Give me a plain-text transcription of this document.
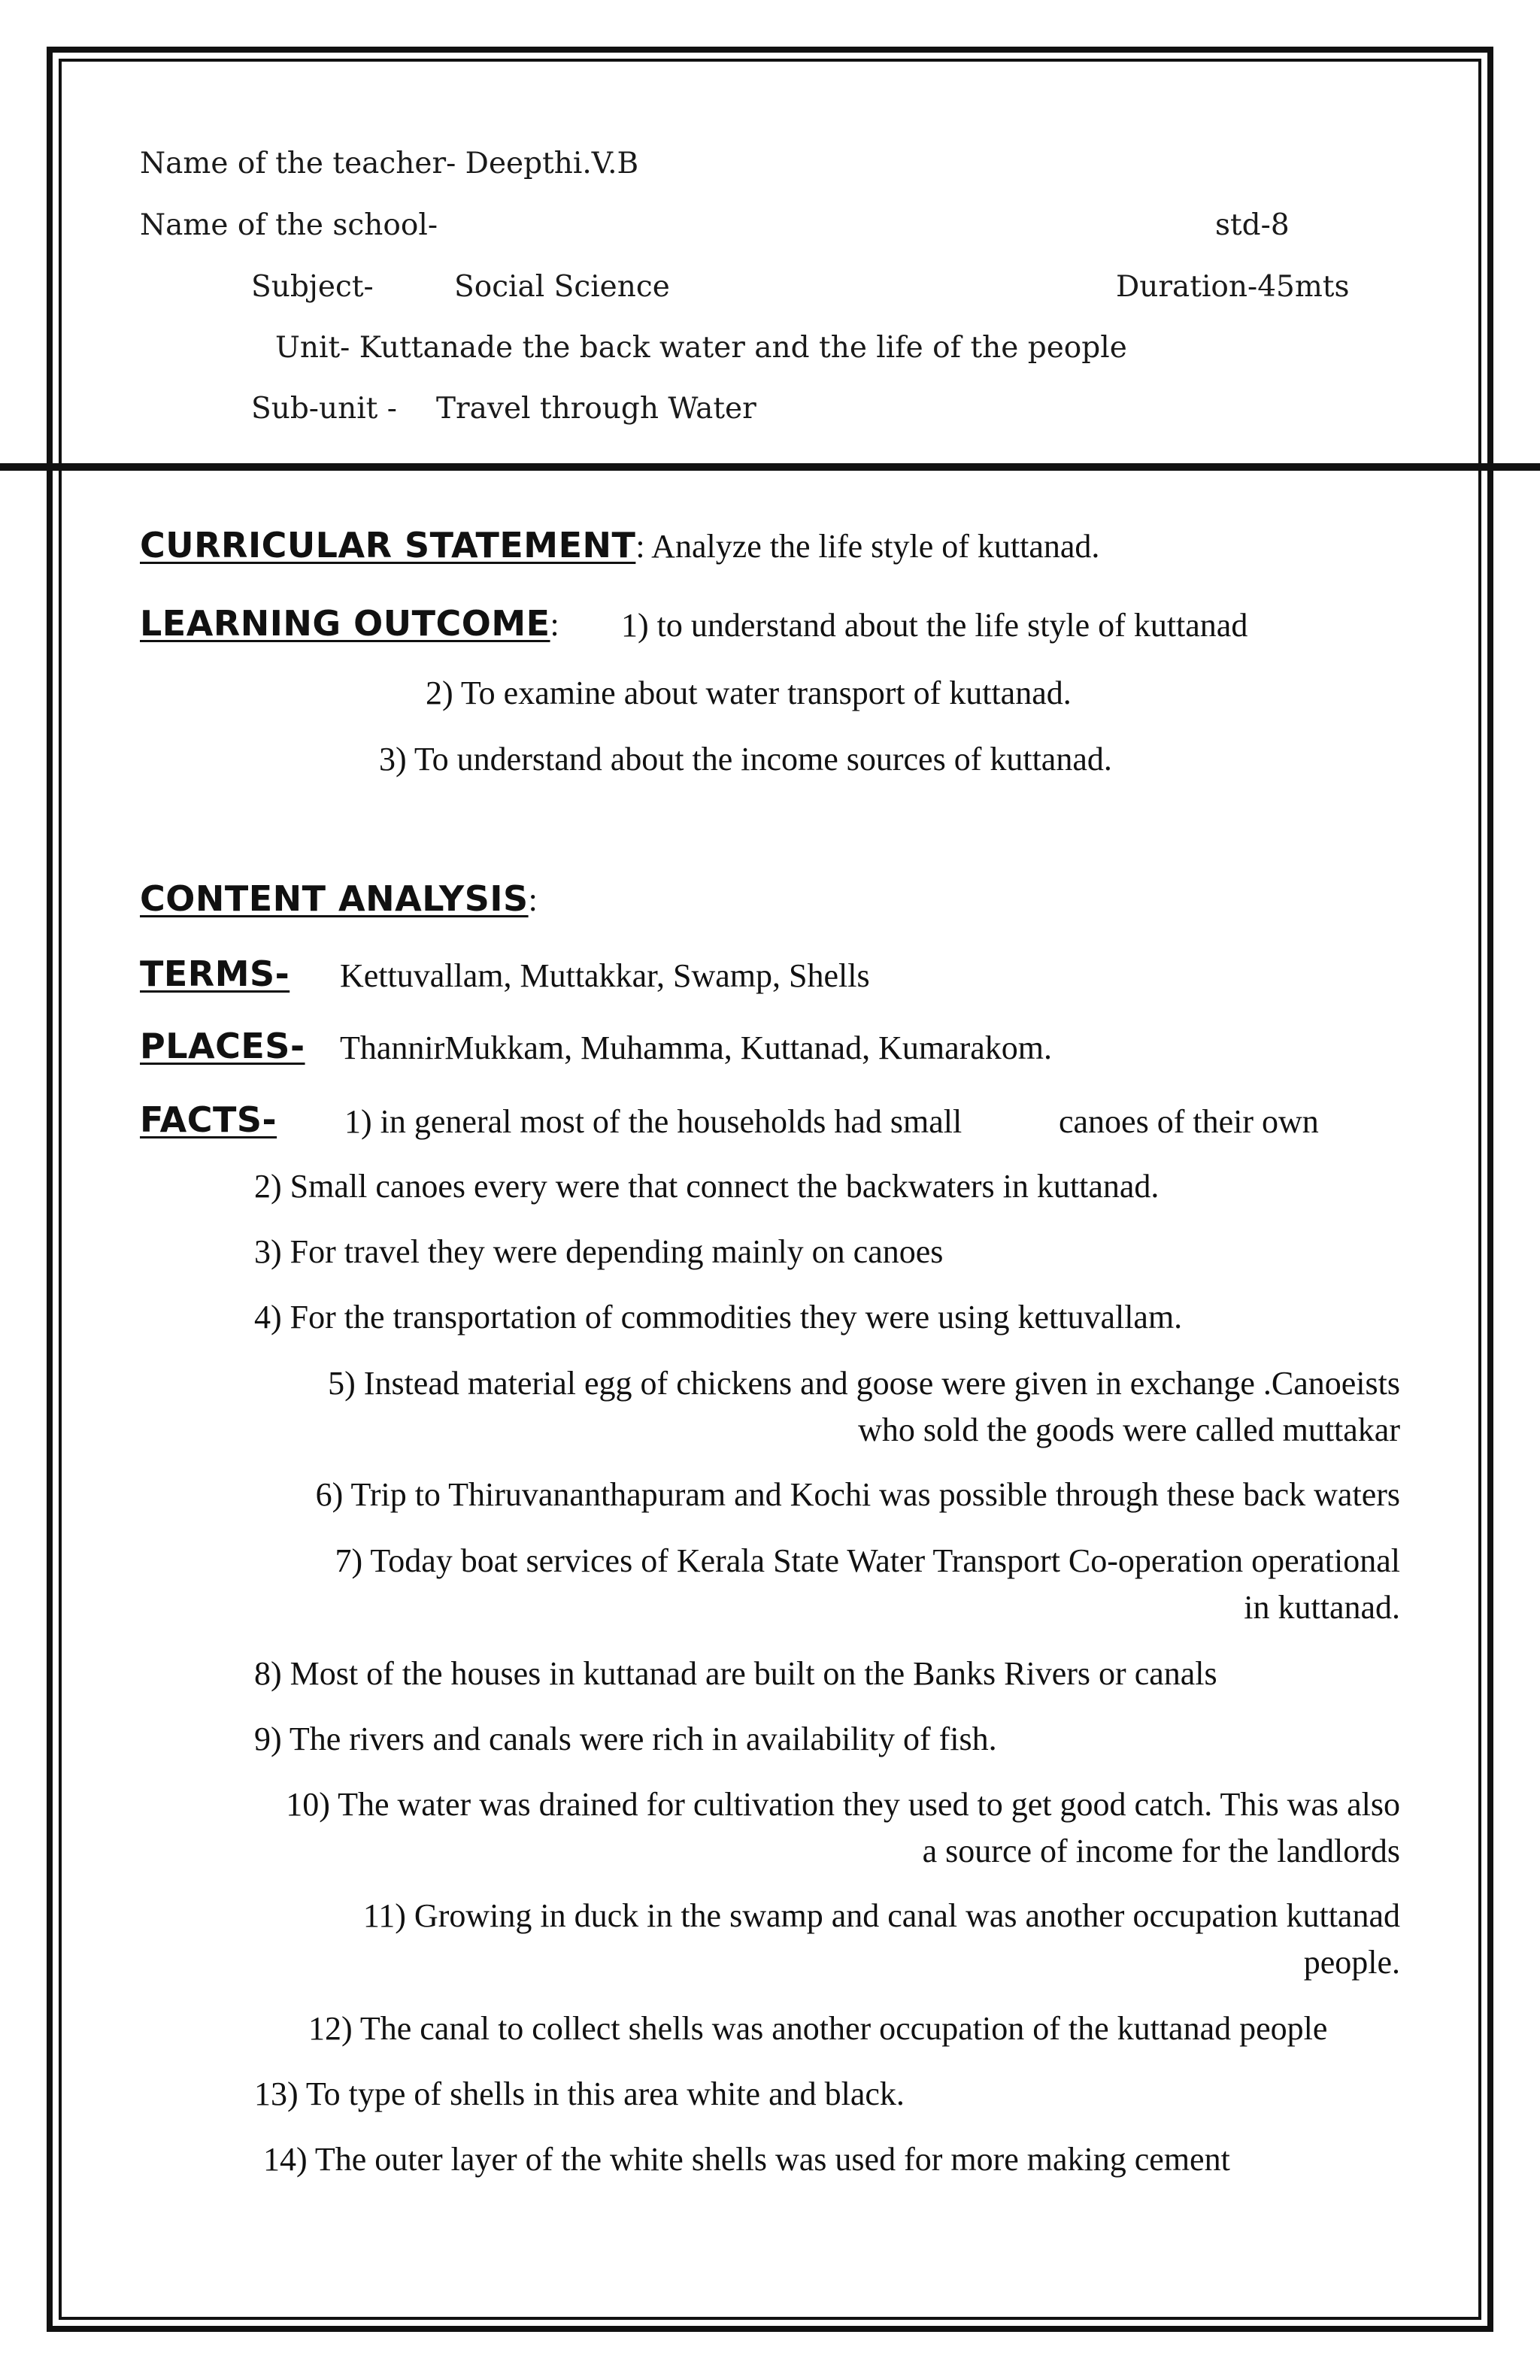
Name of the teacher- Deepthi.V.B
Name of the school-	std-8
Subject-	Social Science	Duration-45mts
Unit- Kuttanade the back water and the life of the people
Sub-unit - Travel through Water
CURRICULAR STATEMENT: Analyze the life style of kuttanad.
LEARNING OUTCOME: 1) to understand about the life style of kuttanad
2) To examine about water transport of kuttanad.
3) To understand about the income sources of kuttanad.
CONTENT ANALYSIS:
TERMS- Kettuvallam, Muttakkar, Swamp, Shells
PLACES- ThannirMukkam, Muhamma, Kuttanad, Kumarakom.
FACTS- 1) in general most of the households had small	canoes of their own
2) Small canoes every were that connect the backwaters in kuttanad.
3) For travel they were depending mainly on canoes
4) For the transportation of commodities they were using kettuvallam.
5) Instead material egg of chickens and goose were given in exchange .Canoeists
who sold the goods were called muttakar
6) Trip to Thiruvananthapuram and Kochi was possible through these back waters
7) Today boat services of Kerala State Water Transport Co-operation operational
in kuttanad.
8) Most of the houses in kuttanad are built on the Banks Rivers or canals
9) The rivers and canals were rich in availability of fish.
10) The water was drained for cultivation they used to get good catch. This was also
a source of income for the landlords
11) Growing in duck in the swamp and canal was another occupation kuttanad
people.
12) The canal to collect shells was another occupation of the kuttanad people
13) To type of shells in this area white and black.
14) The outer layer of the white shells was used for more making cement
